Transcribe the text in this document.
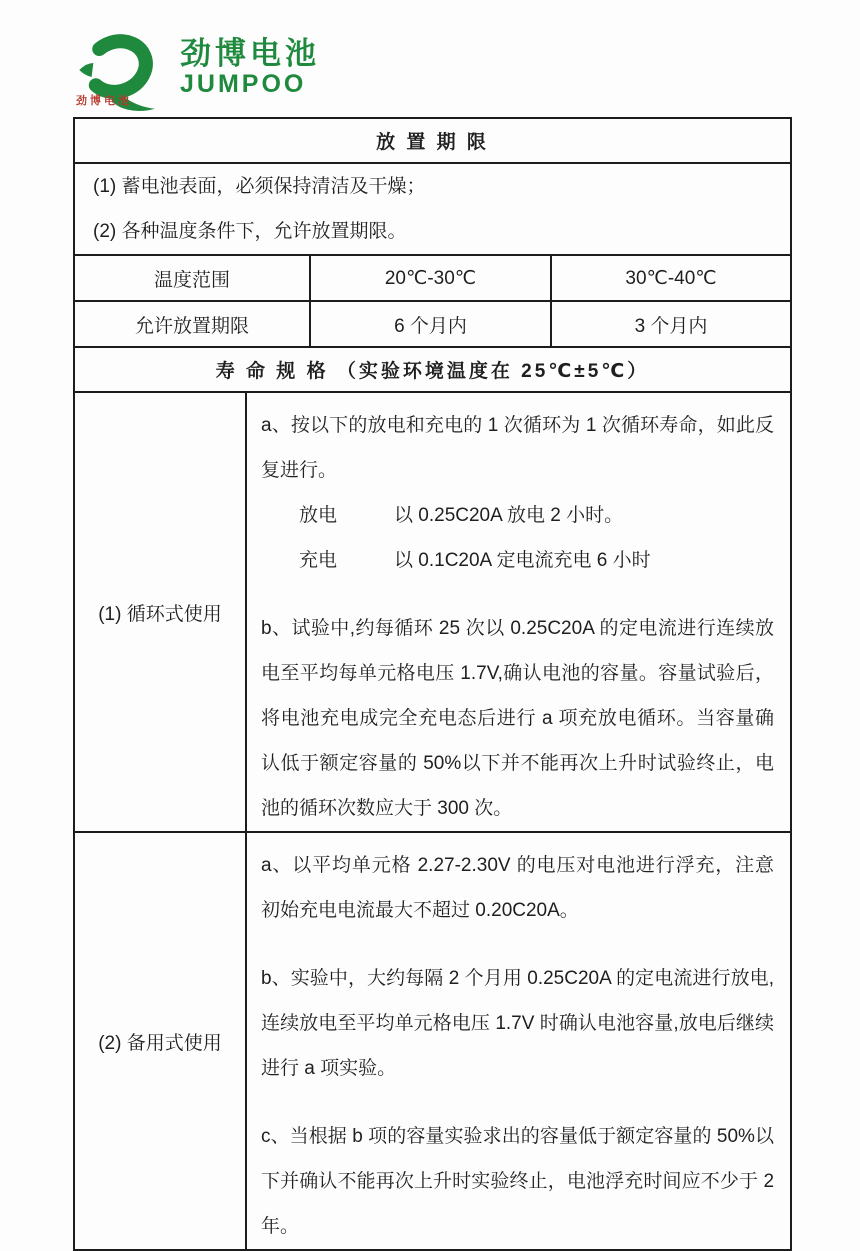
劲博电池
劲博电池
JUMPOO
放 置 期 限			

(1) 蓄电池表面，必须保持清洁及干燥；

(2) 各种温度条件下，允许放置期限。			

温度范围		20℃-30℃	30℃-40℃
允许放置期限		6 个月内	3 个月内
寿 命 规 格 （实验环境温度在 25℃±5℃）			
(1) 循环式使用	a、按以下的放电和充电的 1 次循环为 1 次循环寿命，如此反复进行。

　　放电　　　以 0.25C20A 放电 2 小时。

　　充电　　　以 0.1C20A 定电流充电 6 小时

b、试验中,约每循环 25 次以 0.25C20A 的定电流进行连续放电至平均每单元格电压 1.7V,确认电池的容量。容量试验后，将电池充电成完全充电态后进行 a 项充放电循环。当容量确认低于额定容量的 50%以下并不能再次上升时试验终止，电池的循环次数应大于 300 次。		

(2) 备用式使用	a、以平均单元格 2.27-2.30V 的电压对电池进行浮充，注意初始充电电流最大不超过 0.20C20A。

b、实验中，大约每隔 2 个月用 0.25C20A 的定电流进行放电,连续放电至平均单元格电压 1.7V 时确认电池容量,放电后继续进行 a 项实验。

c、当根据 b 项的容量实验求出的容量低于额定容量的 50%以下并确认不能再次上升时实验终止，电池浮充时间应不少于 2 年。		
